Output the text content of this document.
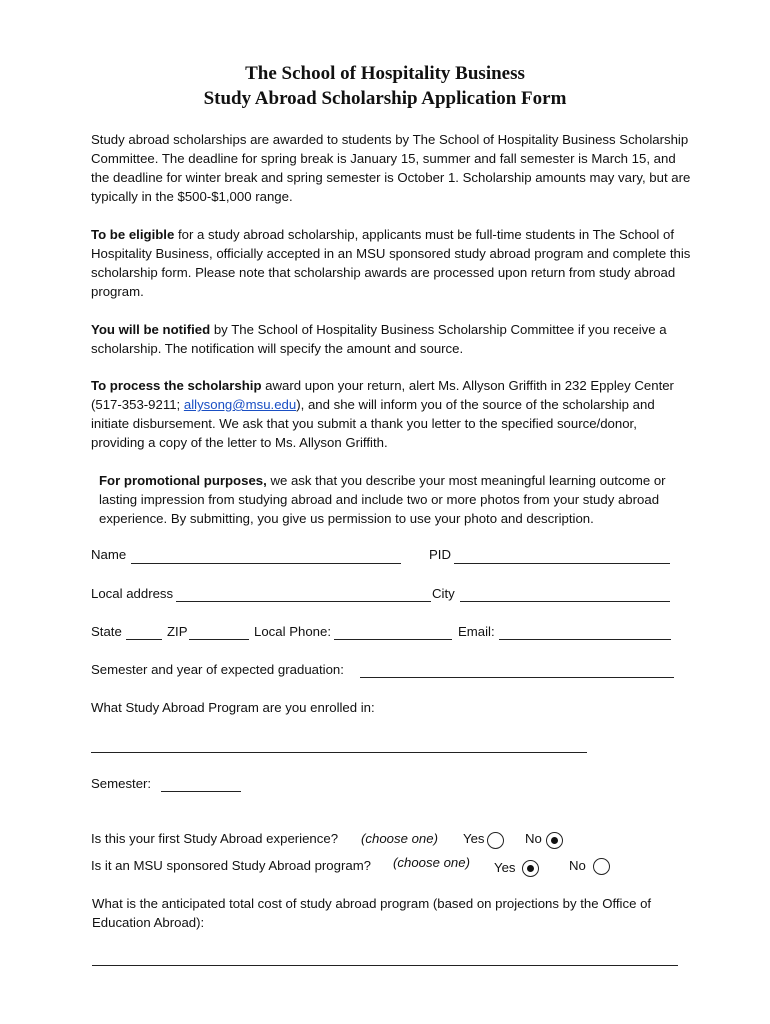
The School of Hospitality Business
Study Abroad Scholarship Application Form

Study abroad scholarships are awarded to students by The School of Hospitality Business Scholarship Committee. The deadline for spring break is January 15, summer and fall semester is March 15, and the deadline for winter break and spring semester is October 1. Scholarship amounts may vary, but are typically in the $500-$1,000 range.

To be eligible for a study abroad scholarship, applicants must be full-time students in The School of Hospitality Business, officially accepted in an MSU sponsored study abroad program and complete this scholarship form. Please note that scholarship awards are processed upon return from study abroad program.

You will be notified by The School of Hospitality Business Scholarship Committee if you receive a scholarship. The notification will specify the amount and source.

To process the scholarship award upon your return, alert Ms. Allyson Griffith in 232 Eppley Center (517-353-9211; allysong@msu.edu), and she will inform you of the source of the scholarship and initiate disbursement. We ask that you submit a thank you letter to the specified source/donor, providing a copy of the letter to Ms. Allyson Griffith.

For promotional purposes, we ask that you describe your most meaningful learning outcome or lasting impression from studying abroad and include two or more photos from your study abroad experience. By submitting, you give us permission to use your photo and description.

Name	PID
Local address	City
State	ZIP	Local Phone:	Email:
Semester and year of expected graduation:
What Study Abroad Program are you enrolled in:
Semester:
Is this your first Study Abroad experience? (choose one) Yes	No
Is it an MSU sponsored Study Abroad program? (choose one) Yes	No

What is the anticipated total cost of study abroad program (based on projections by the Office of Education Abroad):
